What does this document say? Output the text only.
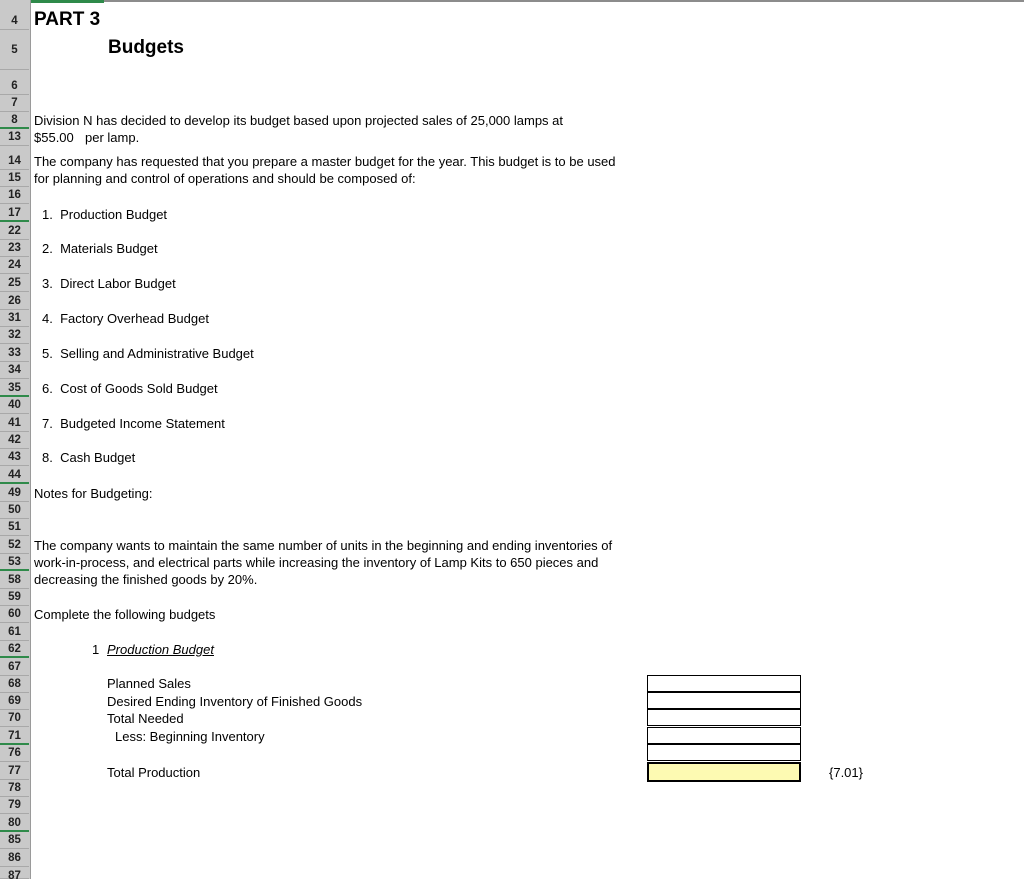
4
5
6
7
8
13
14
15
16
17
22
23
24
25
26
31
32
33
34
35
40
41
42
43
44
49
50
51
52
53
58
59
60
61
62
67
68
69
70
71
76
77
78
79
80
85
86
87
PART 3
Budgets
Division N has decided to develop its budget based upon projected sales of 25,000 lamps at
$55.00 per lamp.
The company has requested that you prepare a master budget for the year. This budget is to be used
for planning and control of operations and should be composed of:
1. Production Budget
2. Materials Budget
3. Direct Labor Budget
4. Factory Overhead Budget
5. Selling and Administrative Budget
6. Cost of Goods Sold Budget
7. Budgeted Income Statement
8. Cash Budget
Notes for Budgeting:
The company wants to maintain the same number of units in the beginning and ending inventories of
work-in-process, and electrical parts while increasing the inventory of Lamp Kits to 650 pieces and
decreasing the finished goods by 20%.
Complete the following budgets
1 Production Budget
Planned Sales
Desired Ending Inventory of Finished Goods
Total Needed
Less: Beginning Inventory
Total Production	{7.01}
